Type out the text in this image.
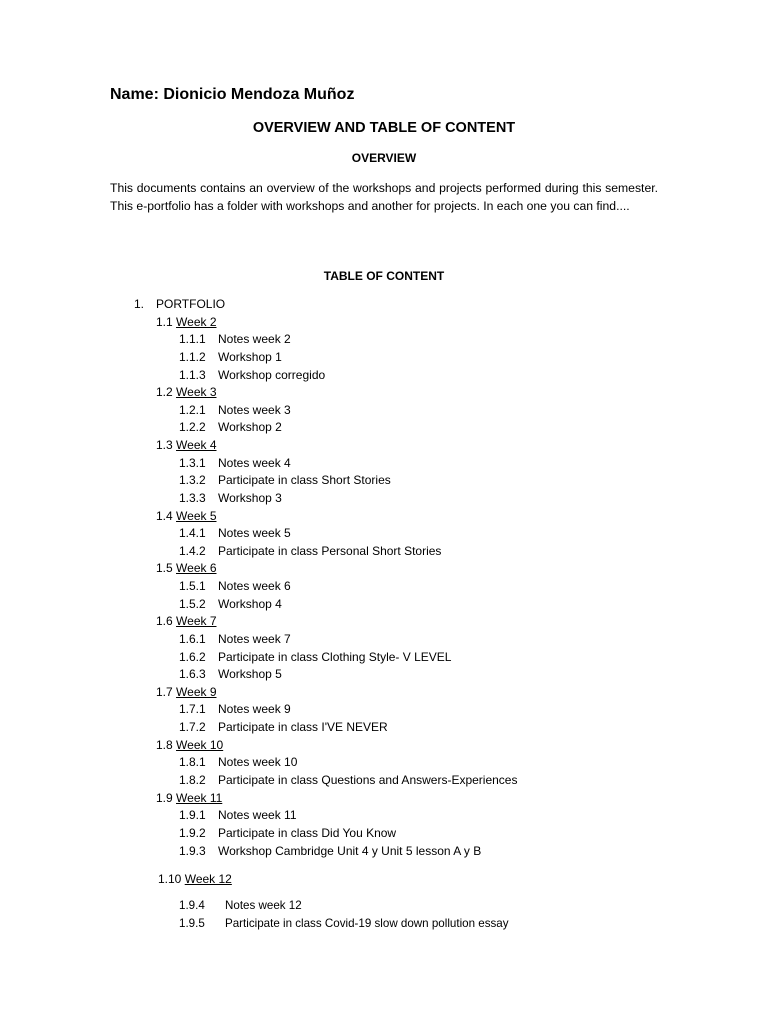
Name: Dionicio Mendoza Muñoz
OVERVIEW AND TABLE OF CONTENT
OVERVIEW
This documents contains an overview of the workshops and projects performed during this semester. This e-portfolio has a folder with workshops and another for projects. In each one you can find....
TABLE OF CONTENT
1. PORTFOLIO
1.1 Week 2
1.1.1 Notes week 2
1.1.2 Workshop 1
1.1.3 Workshop corregido
1.2 Week 3
1.2.1 Notes week 3
1.2.2 Workshop 2
1.3 Week 4
1.3.1 Notes week 4
1.3.2 Participate in class Short Stories
1.3.3 Workshop 3
1.4 Week 5
1.4.1 Notes week 5
1.4.2 Participate in class Personal Short Stories
1.5 Week 6
1.5.1 Notes week 6
1.5.2 Workshop 4
1.6 Week 7
1.6.1 Notes week 7
1.6.2 Participate in class Clothing Style- V LEVEL
1.6.3 Workshop 5
1.7 Week 9
1.7.1 Notes week 9
1.7.2 Participate in class I'VE NEVER
1.8 Week 10
1.8.1 Notes week 10
1.8.2 Participate in class Questions and Answers-Experiences
1.9 Week 11
1.9.1 Notes week 11
1.9.2 Participate in class Did You Know
1.9.3 Workshop Cambridge Unit 4 y Unit 5 lesson A y B
1.10 Week 12
1.9.4 Notes week 12
1.9.5 Participate in class Covid-19 slow down pollution essay
